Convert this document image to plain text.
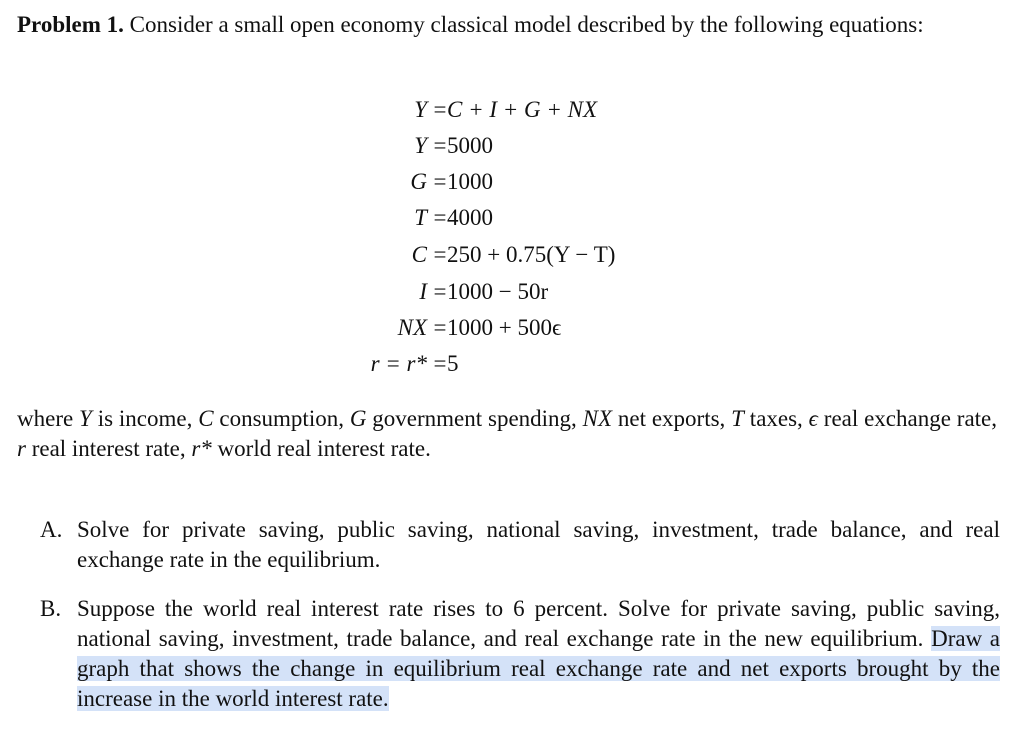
Problem 1. Consider a small open economy classical model described by the following equations:

Y = C + I + G + NX
Y = 5000
G = 1000
T = 4000
C = 250 + 0.75(Y − T)
I = 1000 − 50r
NX = 1000 + 500ϵ
r = r* = 5

where Y is income, C consumption, G government spending, NX net exports, T taxes, ϵ real exchange rate, r real interest rate, r* world real interest rate.

A. Solve for private saving, public saving, national saving, investment, trade balance, and real exchange rate in the equilibrium.
B. Suppose the world real interest rate rises to 6 percent. Solve for private saving, public saving, national saving, investment, trade balance, and real exchange rate in the new equilibrium. Draw a graph that shows the change in equilibrium real exchange rate and net exports brought by the increase in the world interest rate.
